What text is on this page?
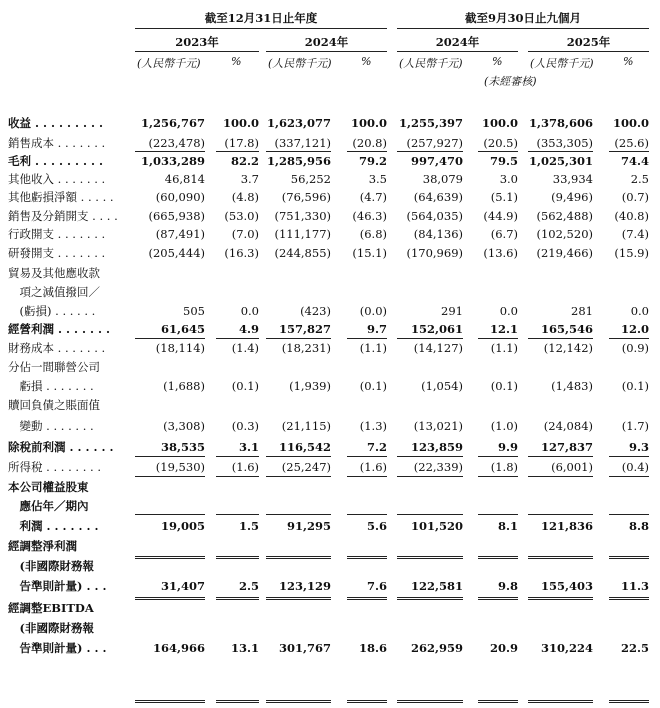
截至12月31日止年度	截至9月30日止九個月
2023年	2024年	2024年	2025年
(人民幣千元)	% (人民幣千元)	%	(人民幣千元)	%	(人民幣千元)	%
(未經審核)
收益 . . . . . . . . .	1,256,767	100.0 1,623,077	100.0	1,255,397	100.0 1,378,606	100.0
銷售成本 . . . . . . .	(223,478)	(17.8)	(337,121)	(20.8)	(257,927)	(20.5)	(353,305)	(25.6)
毛利 . . . . . . . . .	1,033,289	82.2 1,285,956	79.2	997,470	79.5 1,025,301	74.4
其他收入 . . . . . . .	46,814	3.7	56,252	3.5	38,079	3.0	33,934	2.5
其他虧損淨額 . . . . .	(60,090)	(4.8)	(76,596)	(4.7)	(64,639)	(5.1)	(9,496)	(0.7)
銷售及分銷開支 . . . .	(665,938)	(53.0)	(751,330)	(46.3)	(564,035)	(44.9)	(562,488)	(40.8)
行政開支 . . . . . . .	(87,491)	(7.0)	(111,177)	(6.8)	(84,136)	(6.7)	(102,520)	(7.4)
研發開支 . . . . . . .	(205,444)	(16.3)	(244,855)	(15.1)	(170,969)	(13.6)	(219,466)	(15.9)
貿易及其他應收款
　項之減值撥回／
　(虧損) . . . . . .	505	0.0	(423)	(0.0)	291	0.0	281	0.0
經營利潤 . . . . . . .	61,645	4.9	157,827	9.7	152,061	12.1	165,546	12.0
財務成本 . . . . . . .	(18,114)	(1.4)	(18,231)	(1.1)	(14,127)	(1.1)	(12,142)	(0.9)
分佔一間聯營公司
　虧損 . . . . . . .	(1,688)	(0.1)	(1,939)	(0.1)	(1,054)	(0.1)	(1,483)	(0.1)
贖回負債之賬面值
　變動 . . . . . . .	(3,308)	(0.3)	(21,115)	(1.3)	(13,021)	(1.0)	(24,084)	(1.7)
除稅前利潤 . . . . . .	38,535	3.1	116,542	7.2	123,859	9.9	127,837	9.3
所得稅 . . . . . . . .	(19,530)	(1.6)	(25,247)	(1.6)	(22,339)	(1.8)	(6,001)	(0.4)
本公司權益股東
　應佔年／期內
　利潤 . . . . . . .	19,005	1.5	91,295	5.6	101,520	8.1	121,836	8.8
經調整淨利潤
　(非國際財務報
　告準則計量) . . .	31,407	2.5	123,129	7.6	122,581	9.8	155,403	11.3
經調整EBITDA
　(非國際財務報
　告準則計量) . . .	164,966	13.1	301,767	18.6	262,959	20.9	310,224	22.5
